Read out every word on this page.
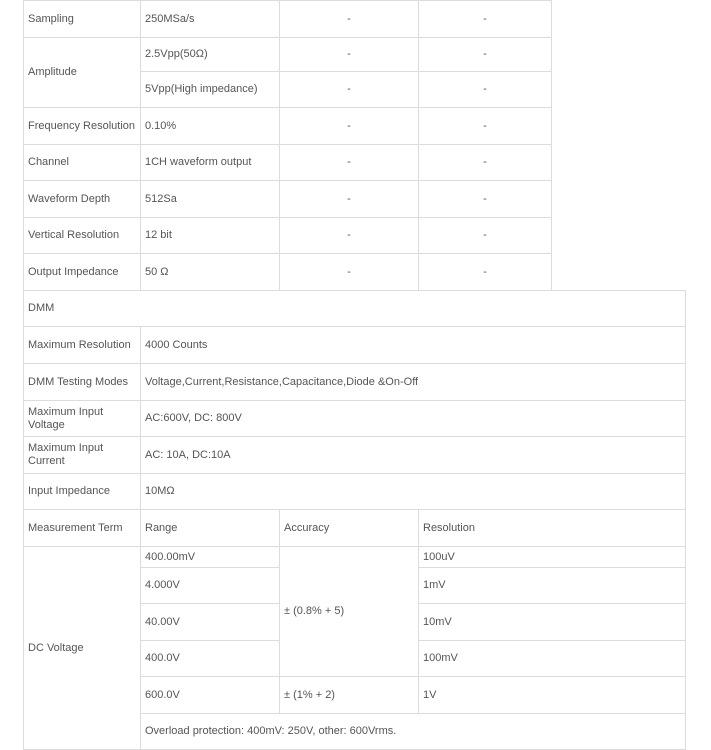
Sampling	250MSa/s	-	-
Amplitude	2.5Vpp(50Ω)	-	-
	5Vpp(High impedance)	-	-
Frequency Resolution	0.10%	-	-
Channel	1CH waveform output	-	-
Waveform Depth	512Sa	-	-
Vertical Resolution	12 bit	-	-
Output Impedance	50 Ω	-	-
DMM			
Maximum Resolution	4000 Counts		
DMM Testing Modes	Voltage,Current,Resistance,Capacitance,Diode &On-Off		
Maximum Input Voltage	AC:600V, DC: 800V		
Maximum Input Current	AC: 10A, DC:10A		
Input Impedance	10MΩ		
Measurement Term	Range	Accuracy	Resolution
DC Voltage	400.00mV	± (0.8% + 5)	100uV
	4.000V		1mV
	40.00V		10mV
	400.0V		100mV
	600.0V	± (1% + 2)	1V
	Overload protection: 400mV: 250V, other: 600Vrms.		
